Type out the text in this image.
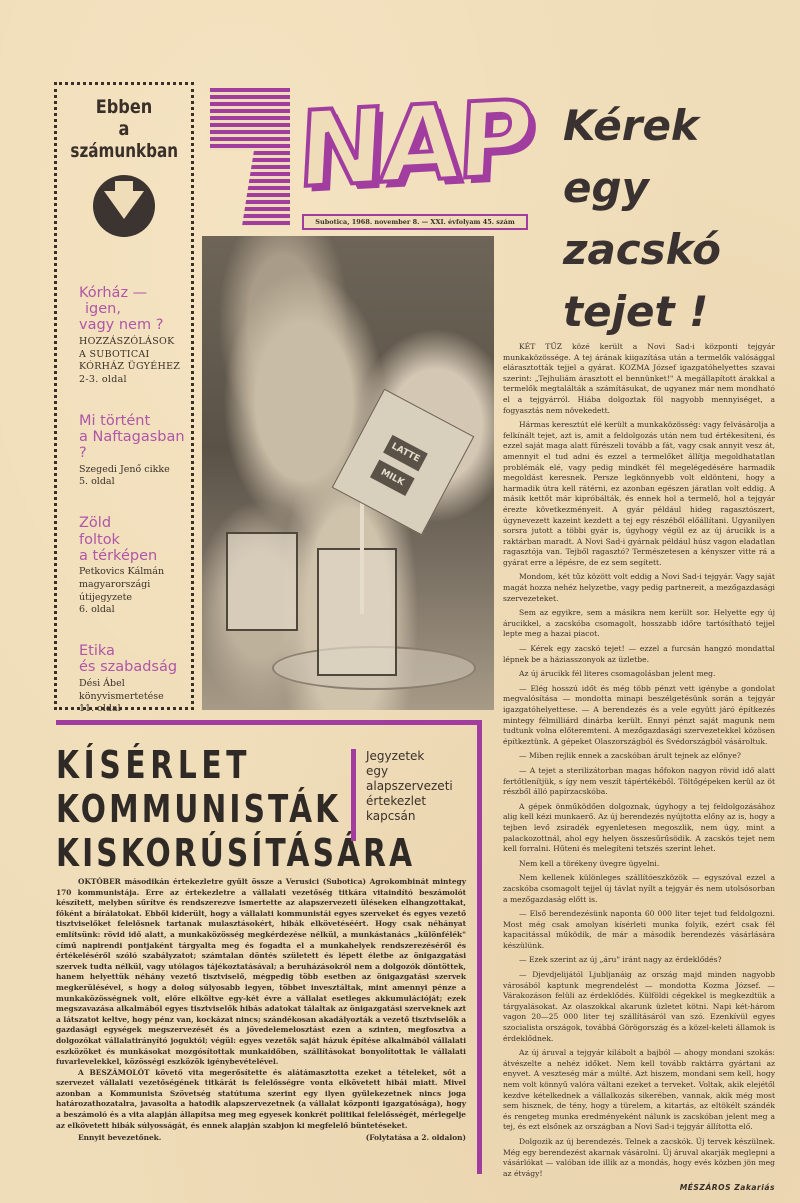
Ebben
a
számunkban
Kórház —
igen,
vagy nem ?
HOZZÁSZÓLÁSOK
A SUBOTICAI
KÓRHÁZ ÜGYÉHEZ
2-3. oldal
Mi történt
a Naftagasban ?
Szegedi Jenő cikke
5. oldal
Zöld
foltok
a térképen
Petkovics Kálmán
magyarországi útijegyzete
6. oldal
Etika
és szabadság
Dési Ábel
könyvismertetése
11. oldal
NAP
Subotica, 1968. november 8. — XXI. évfolyam 45. szám
Kérek
egy
zacskó
tejet !
LATTE
MILK

KÉT TŰZ közé került a Novi Sad-i központi tejgyár munkaközössége. A tej árának kiigazítása után a termelők valósággal elárasztották tejjel a gyárat. KOZMA József igazgatóhelyettes szavai szerint: „Tejhuliám árasztott el bennünket!" A megállapított árakkal a termelők megtalálták a számításukat, de ugyanez már nem mondható el a tejgyárról. Hiába dolgoztak föl nagyobb mennyiséget, a fogyasztás nem növekedett.

Hármas keresztút elé került a munkaközösség: vagy felvásárolja a felkínált tejet, azt is, amit a feldolgozás után nem tud értékesíteni, és ezzel saját maga alatt fűrészeli tovább a fát, vagy csak annyit vesz át, amennyit el tud adni és ezzel a termelőket állítja megoldhatatlan problémák elé, vagy pedig mindkét fél megelégedésére harmadik megoldást keresnek. Persze legkönnyebb volt eldönteni, hogy a harmadik útra kell rátérni, ez azonban egészen járatlan volt eddig. A másik kettőt már kipróbálták, és ennek hol a termelő, hol a tejgyár érezte következményeit. A gyár például hideg ragasztószert, úgynevezett kazeint kezdett a tej egy részéből előállítani. Ugyanilyen sorsra jutott a többi gyár is, úgyhogy végül ez az új árucikk is a raktárban maradt. A Novi Sad-i gyárnak például húsz vagon eladatlan ragasztója van. Tejből ragasztó? Természetesen a kényszer vitte rá a gyárat erre a lépésre, de ez sem segített.

Mondom, két tűz között volt eddig a Novi Sad-i tejgyár. Vagy saját magát hozza nehéz helyzetbe, vagy pedig partnereit, a mezőgazdasági szervezeteket.

Sem az egyikre, sem a másikra nem került sor. Helyette egy új árucikkel, a zacskóba csomagolt, hosszabb időre tartósítható tejjel lepte meg a hazai piacot.

— Kérek egy zacskó tejet! — ezzel a furcsán hangzó mondattal lépnek be a háziasszonyok az üzletbe.

Az új árucikk fél literes csomagolásban jelent meg.

— Elég hosszú időt és még több pénzt vett igénybe a gondolat megvalósítása — mondotta minapi beszélgetésünk során a tejgyár igazgatóhelyettese. — A berendezés és a vele együtt járó építkezés mintegy félmilliárd dinárba került. Ennyi pénzt saját magunk nem tudtunk volna előteremteni. A mezőgazdasági szervezetekkel közösen építkeztünk. A gépeket Olaszországból és Svédországból vásároltuk.

— Miben rejlik ennek a zacskóban árult tejnek az előnye?

— A tejet a sterilizátorban magas hőfokon nagyon rövid idő alatt fertőtlenítjük, s így nem veszít tápértékéből. Töltőgépeken kerül az öt részből álló papírzacskóba.

A gépek önműködően dolgoznak, úgyhogy a tej feldolgozásához alig kell kézi munkaerő. Az új berendezés nyújtotta előny az is, hogy a tejben levő zsiradék egyenletesen megoszlik, nem úgy, mint a palackozottnál, ahol egy helyen összesűrűsödik. A zacskós tejet nem kell forralni. Hűteni és melegíteni tetszés szerint lehet.

Nem kell a törékeny üvegre ügyelni.

Nem kellenek különleges szállítóeszközök — egyszóval ezzel a zacskóba csomagolt tejjel új távlat nyílt a tejgyár és nem utolsósorban a mezőgazdaság előtt is.

— Első berendezésünk naponta 60 000 liter tejet tud feldolgozni. Most még csak amolyan kísérleti munka folyik, ezért csak fél kapacitással működik, de már a második berendezés vásárlására készülünk.

— Ezek szerint az új „áru" iránt nagy az érdeklődés?

— Djevdjelijától Ljubljanáig az ország majd minden nagyobb városából kaptunk megrendelést — mondotta Kozma József. — Várakozáson felüli az érdeklődés. Külföldi cégekkel is megkezdtük a tárgyalásokat. Az olaszokkal akarunk üzletet kötni. Napi két-három vagon 20—25 000 liter tej szállításáról van szó. Ezenkívül egyes szocialista országok, továbbá Görögország és a közel-keleti államok is érdeklődnek.

Az új áruval a tejgyár kilábolt a bajból — ahogy mondani szokás: átvészelte a nehéz időket. Nem kell tovább raktárra gyártani az enyvet. A veszteség már a múlté. Azt hiszem, mondani sem kell, hogy nem volt könnyű valóra váltani ezeket a terveket. Voltak, akik elejétől kezdve kételkednek a vállalkozás sikerében, vannak, akik még most sem hisznek, de tény, hogy a türelem, a kitartás, az eltökélt szándék és rengeteg munka eredményeként nálunk is zacskóban jelent meg a tej, és ezt elsőnek az országban a Novi Sad-i tejgyár állította elő.

Dolgozik az új berendezés. Telnek a zacskók. Új tervek készülnek. Még egy berendezést akarnak vásárolni. Új áruval akarják meglepni a vásárlókat — valóban ide illik az a mondás, hogy evés közben jön meg az étvágy!

MÉSZÁROS Zakariás
KÍSÉRLET
KOMMUNISTÁK
KISKORÚSÍTÁSÁRA
Jegyzetek
egy
alapszervezeti
értekezlet
kapcsán

OKTÓBER másodikán értekezletre gyűlt össze a Verusici (Subotica) Agrokombinát mintegy 170 kommunistája. Erre az értekezletre a vállalati vezetőség titkára vitaindító beszámolót készített, melyben sűrítve és rendszerezve ismertette az alapszervezeti üléseken elhangzottakat, főként a bírálatokat. Ebből kiderült, hogy a vállalati kommunistái egyes szerveket és egyes vezető tisztviselőket felelősnek tartanak mulasztásokért, hibák elkövetéséért. Hogy csak néhányat említsünk: rövid idő alatt, a munkaközösség megkérdezése nélkül, a munkástanács „különfélék" című napirendi pontjaként tárgyalta meg és fogadta el a munkahelyek rendszerezéséről és értékeléséről szóló szabályzatot; számtalan döntés született és lépett életbe az önigazgatási szervek tudta nélkül, vagy utólagos tájékoztatásával; a beruházásokról nem a dolgozók döntöttek, hanem helyettük néhány vezető tisztviselő, mégpedig több esetben az önigazgatási szervek megkerülésével, s hogy a dolog súlyosabb legyen, többet invesztáltak, mint amennyi pénze a munkaközösségnek volt, előre elköltve egy-két évre a vállalat esetleges akkumulációját; ezek megszavazása alkalmából egyes tisztviselők hibás adatokat tálaltak az önigazgatási szerveknek azt a látszatot keltve, hogy pénz van, kockázat nincs; szándékosan akadályozták a vezető tisztviselők a gazdasági egységek megszervezését és a jövedelemelosztást ezen a szinten, megfosztva a dolgozókat vállalatirányító joguktól; végül: egyes vezetők saját házuk építése alkalmából vállalati eszközöket és munkásokat mozgósítottak munkaidőben, szállításokat bonyolítottak le vállalati fuvarlevelekkel, közösségi eszközök igénybevételével.

A BESZÁMOLÓT követő vita megerősítette és alátámasztotta ezeket a tételeket, sőt a szervezet vállalati vezetőségének titkárát is felelősségre vonta elkövetett hibái miatt. Mivel azonban a Kommunista Szövetség statútuma szerint egy ilyen gyűlekezetnek nincs joga határozathozatalra, javasolta a hatodik alapszervezetnek (a vállalat központi igazgatósága), hogy a beszámoló és a vita alapján állapítsa meg meg egyesek konkrét politikai felelősségét, mérlegelje az elkövetett hibák súlyosságát, és ennek alapján szabjon ki megfelelő büntetéseket.

Ennyit bevezetőnek.	(Folytatása a 2. oldalon)
